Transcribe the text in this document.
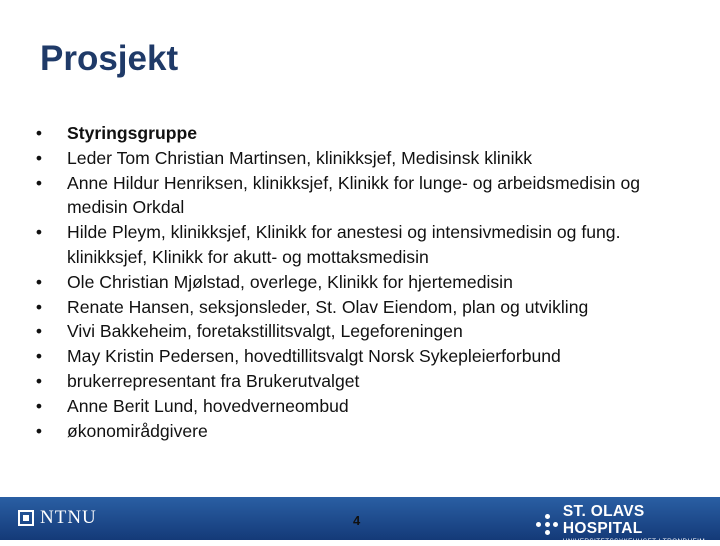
Prosjekt
• Styringsgruppe
• Leder Tom Christian Martinsen, klinikksjef, Medisinsk klinikk
• Anne Hildur Henriksen, klinikksjef, Klinikk for lunge- og arbeidsmedisin og medisin Orkdal
• Hilde Pleym, klinikksjef, Klinikk for anestesi og intensivmedisin og fung. klinikksjef, Klinikk for akutt- og mottaksmedisin
• Ole Christian Mjølstad, overlege, Klinikk for hjertemedisin
• Renate Hansen, seksjonsleder, St. Olav Eiendom, plan og utvikling
• Vivi Bakkeheim, foretakstillitsvalgt, Legeforeningen
• May Kristin Pedersen, hovedtillitsvalgt Norsk Sykepleierforbund
• brukerrepresentant fra Brukerutvalget
• Anne Berit Lund, hovedverneombud
• økonomirådgivere
NTNU	4
ST. OLAVS HOSPITAL
UNIVERSITETSSYKEHUSET I TRONDHEIM
